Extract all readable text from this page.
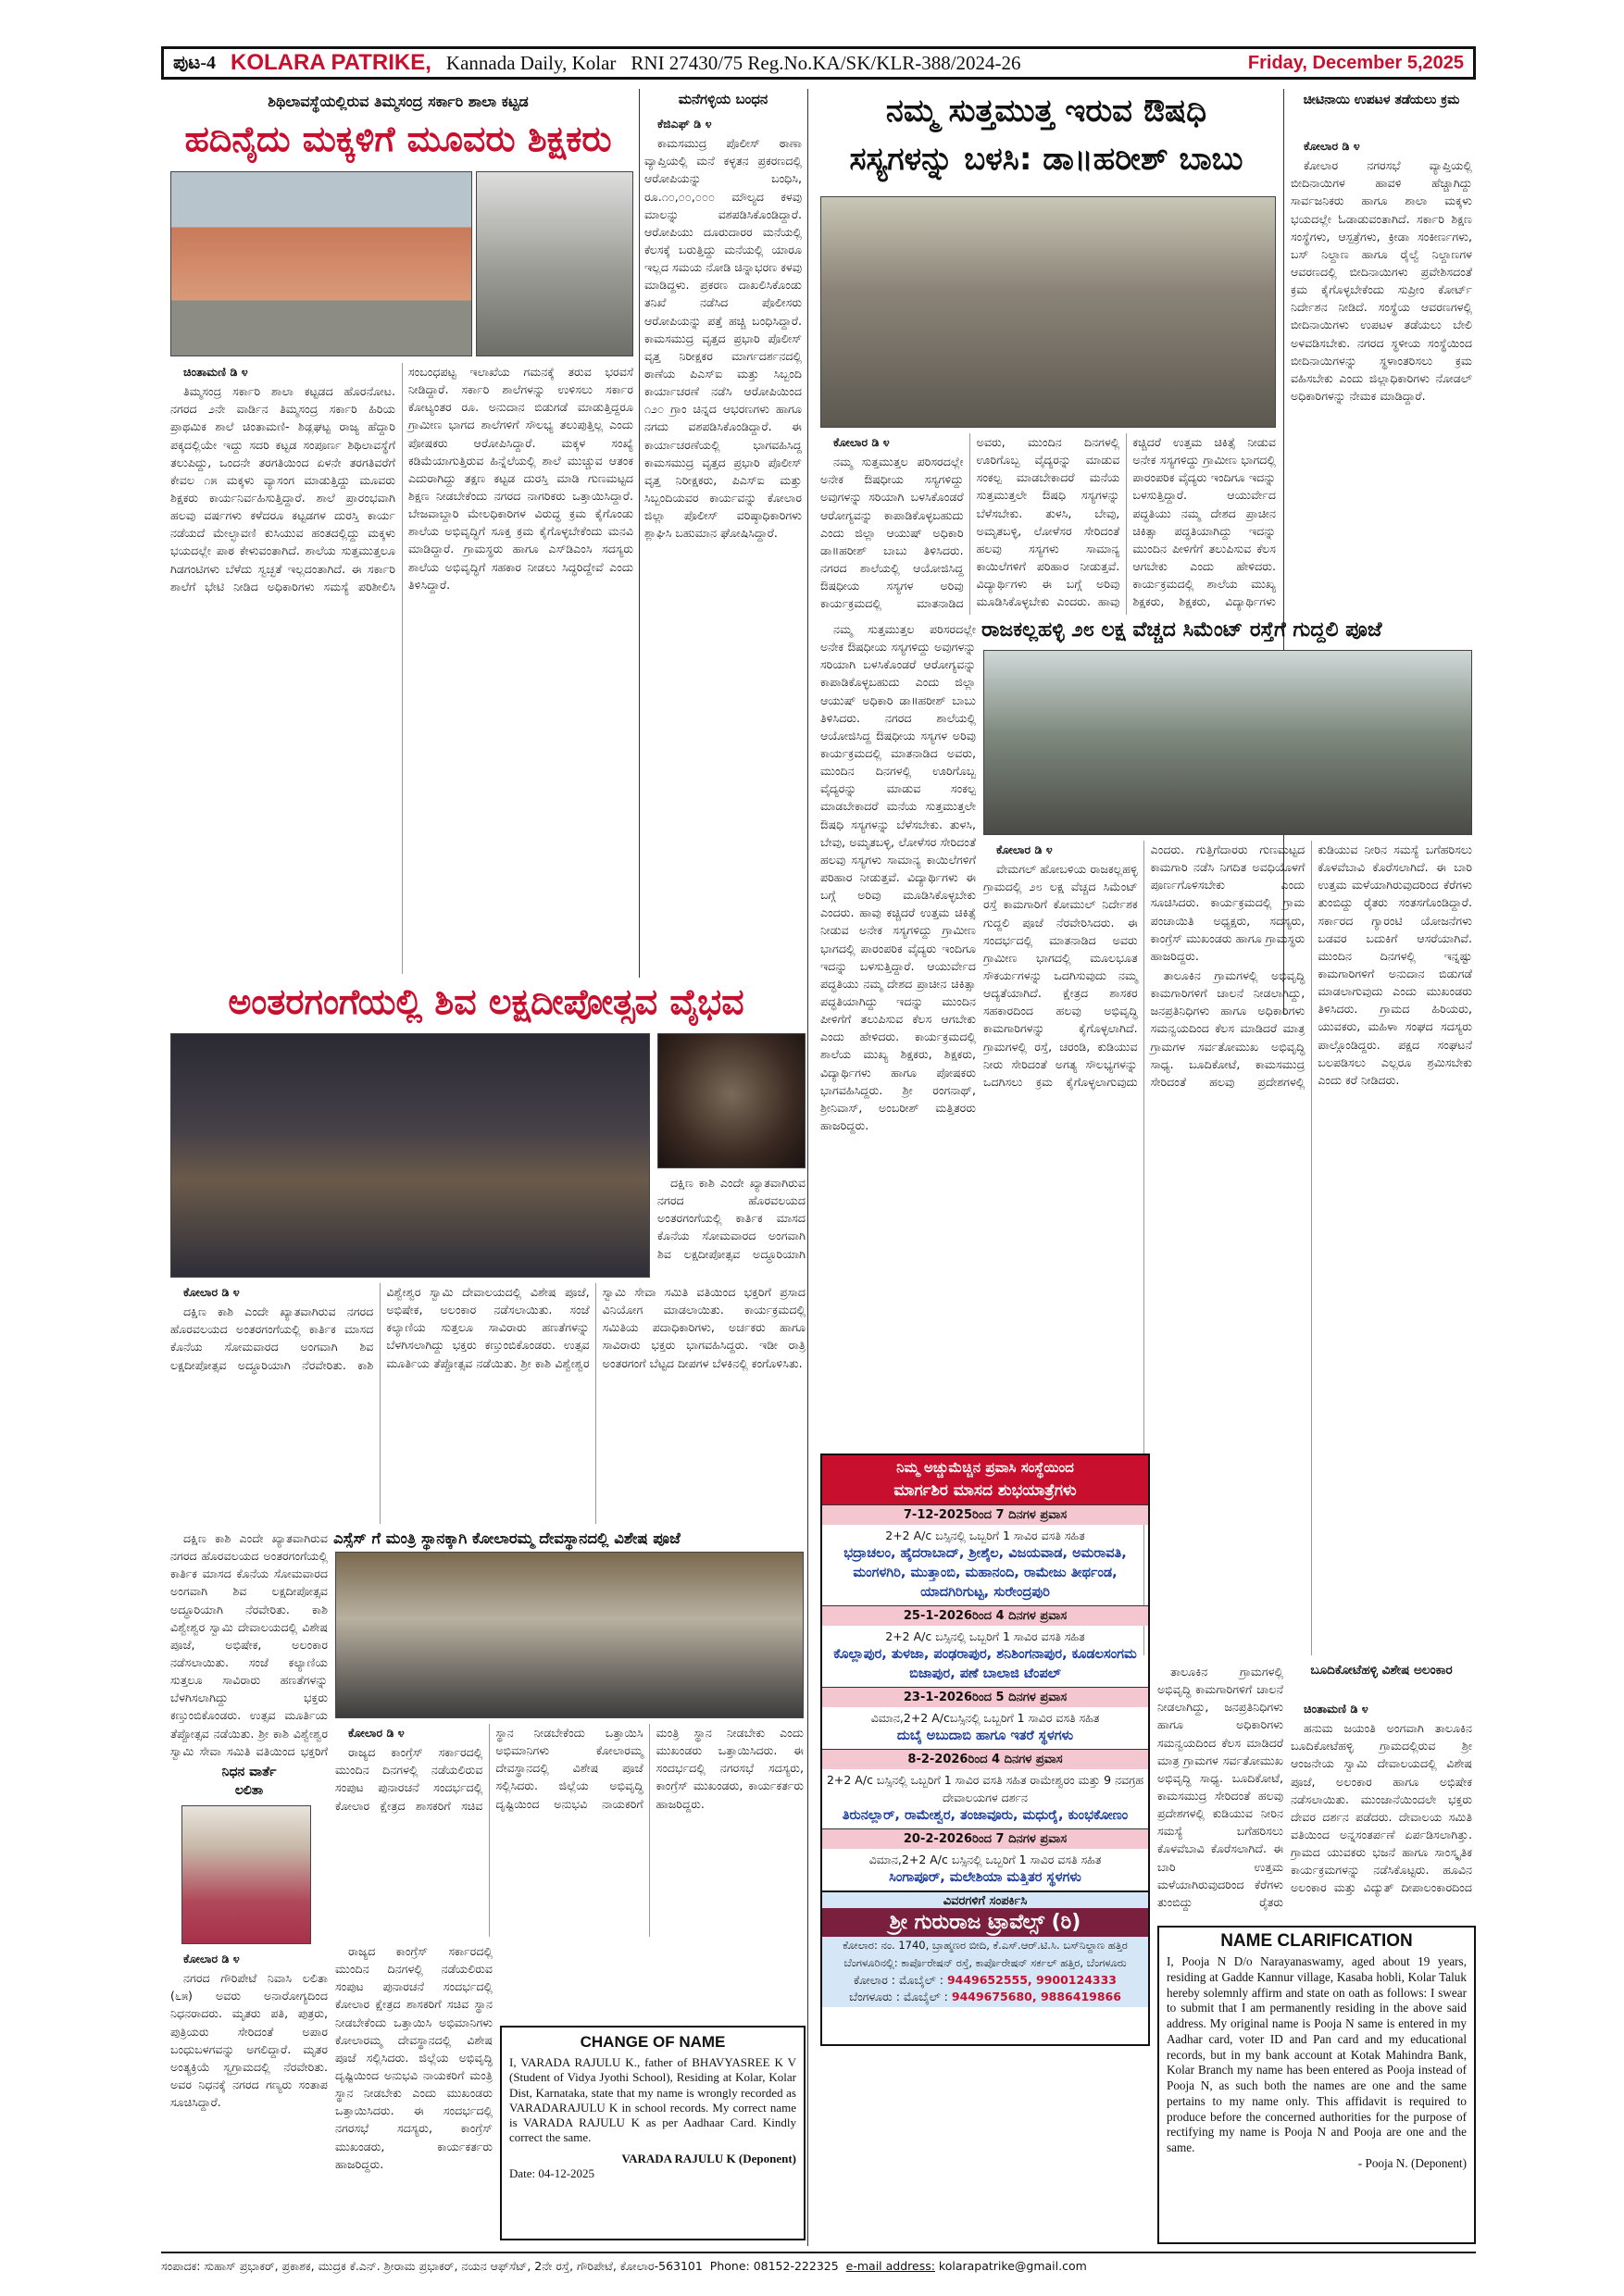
ಪುಟ-4 KOLARA PATRIKE, Kannada Daily, Kolar RNI 27430/75 Reg.No.KA/SK/KLR-388/2024-26	Friday, December 5,2025
ಶಿಥಿಲಾವಸ್ಥೆಯಲ್ಲಿರುವ ತಿಮ್ಮಸಂದ್ರ ಸರ್ಕಾರಿ ಶಾಲಾ ಕಟ್ಟಡ
ಹದಿನೈದು ಮಕ್ಕಳಿಗೆ ಮೂವರು ಶಿಕ್ಷಕರು

ಚಿಂತಾಮಣಿ ಡಿ ೪

ತಿಮ್ಮಸಂದ್ರ ಸರ್ಕಾರಿ ಶಾಲಾ ಕಟ್ಟಡದ ಹೊರನೋಟ. ನಗರದ ೨ನೇ ವಾರ್ಡಿನ ತಿಮ್ಮಸಂದ್ರ ಸರ್ಕಾರಿ ಹಿರಿಯ ಪ್ರಾಥಮಿಕ ಶಾಲೆ ಚಿಂತಾಮಣಿ- ಶಿಡ್ಲಘಟ್ಟ ರಾಜ್ಯ ಹೆದ್ದಾರಿ ಪಕ್ಕದಲ್ಲಿಯೇ ಇದ್ದು ಸದರಿ ಕಟ್ಟಡ ಸಂಪೂರ್ಣ ಶಿಥಿಲಾವಸ್ಥೆಗೆ ತಲುಪಿದ್ದು, ಒಂದನೇ ತರಗತಿಯಿಂದ ಏಳನೇ ತರಗತಿವರೆಗೆ ಕೇವಲ ೧೫ ಮಕ್ಕಳು ವ್ಯಾಸಂಗ ಮಾಡುತ್ತಿದ್ದು ಮೂವರು ಶಿಕ್ಷಕರು ಕಾರ್ಯನಿರ್ವಹಿಸುತ್ತಿದ್ದಾರೆ. ಶಾಲೆ ಪ್ರಾರಂಭವಾಗಿ ಹಲವು ವರ್ಷಗಳು ಕಳೆದರೂ ಕಟ್ಟಡಗಳ ದುರಸ್ತಿ ಕಾರ್ಯ ನಡೆಯದೆ ಮೇಲ್ಛಾವಣಿ ಕುಸಿಯುವ ಹಂತದಲ್ಲಿದ್ದು ಮಕ್ಕಳು ಭಯದಲ್ಲೇ ಪಾಠ ಕೇಳುವಂತಾಗಿದೆ. ಶಾಲೆಯ ಸುತ್ತಮುತ್ತಲೂ ಗಿಡಗಂಟಿಗಳು ಬೆಳೆದು ಸ್ವಚ್ಛತೆ ಇಲ್ಲದಂತಾಗಿದೆ. ಈ ಸರ್ಕಾರಿ ಶಾಲೆಗೆ ಭೇಟಿ ನೀಡಿದ ಅಧಿಕಾರಿಗಳು ಸಮಸ್ಯೆ ಪರಿಶೀಲಿಸಿ ಸಂಬಂಧಪಟ್ಟ ಇಲಾಖೆಯ ಗಮನಕ್ಕೆ ತರುವ ಭರವಸೆ ನೀಡಿದ್ದಾರೆ. ಸರ್ಕಾರಿ ಶಾಲೆಗಳನ್ನು ಉಳಿಸಲು ಸರ್ಕಾರ ಕೋಟ್ಯಂತರ ರೂ. ಅನುದಾನ ಬಿಡುಗಡೆ ಮಾಡುತ್ತಿದ್ದರೂ ಗ್ರಾಮೀಣ ಭಾಗದ ಶಾಲೆಗಳಿಗೆ ಸೌಲಭ್ಯ ತಲುಪುತ್ತಿಲ್ಲ ಎಂದು ಪೋಷಕರು ಆರೋಪಿಸಿದ್ದಾರೆ. ಮಕ್ಕಳ ಸಂಖ್ಯೆ ಕಡಿಮೆಯಾಗುತ್ತಿರುವ ಹಿನ್ನೆಲೆಯಲ್ಲಿ ಶಾಲೆ ಮುಚ್ಚುವ ಆತಂಕ ಎದುರಾಗಿದ್ದು ತಕ್ಷಣ ಕಟ್ಟಡ ದುರಸ್ತಿ ಮಾಡಿ ಗುಣಮಟ್ಟದ ಶಿಕ್ಷಣ ನೀಡಬೇಕೆಂದು ನಗರದ ನಾಗರಿಕರು ಒತ್ತಾಯಿಸಿದ್ದಾರೆ. ಬೇಜವಾಬ್ದಾರಿ ಮೇಲಧಿಕಾರಿಗಳ ವಿರುದ್ಧ ಕ್ರಮ ಕೈಗೊಂಡು ಶಾಲೆಯ ಅಭಿವೃದ್ಧಿಗೆ ಸೂಕ್ತ ಕ್ರಮ ಕೈಗೊಳ್ಳಬೇಕೆಂದು ಮನವಿ ಮಾಡಿದ್ದಾರೆ. ಗ್ರಾಮಸ್ಥರು ಹಾಗೂ ಎಸ್‌ಡಿಎಂಸಿ ಸದಸ್ಯರು ಶಾಲೆಯ ಅಭಿವೃದ್ಧಿಗೆ ಸಹಕಾರ ನೀಡಲು ಸಿದ್ಧರಿದ್ದೇವೆ ಎಂದು ತಿಳಿಸಿದ್ದಾರೆ.

ಮನೆಗಳ್ಳಿಯ ಬಂಧನ

ಕೆಜಿಎಫ್ ಡಿ ೪

ಕಾಮಸಮುದ್ರ ಪೊಲೀಸ್ ಠಾಣಾ ವ್ಯಾಪ್ತಿಯಲ್ಲಿ ಮನೆ ಕಳ್ಳತನ ಪ್ರಕರಣದಲ್ಲಿ ಆರೋಪಿಯನ್ನು ಬಂಧಿಸಿ, ರೂ.೧೦,೦೦,೦೦೦ ಮೌಲ್ಯದ ಕಳವು ಮಾಲನ್ನು ವಶಪಡಿಸಿಕೊಂಡಿದ್ದಾರೆ. ಆರೋಪಿಯು ದೂರುದಾರರ ಮನೆಯಲ್ಲಿ ಕೆಲಸಕ್ಕೆ ಬರುತ್ತಿದ್ದು ಮನೆಯಲ್ಲಿ ಯಾರೂ ಇಲ್ಲದ ಸಮಯ ನೋಡಿ ಚಿನ್ನಾಭರಣ ಕಳವು ಮಾಡಿದ್ದಳು. ಪ್ರಕರಣ ದಾಖಲಿಸಿಕೊಂಡು ತನಿಖೆ ನಡೆಸಿದ ಪೊಲೀಸರು ಆರೋಪಿಯನ್ನು ಪತ್ತೆ ಹಚ್ಚಿ ಬಂಧಿಸಿದ್ದಾರೆ. ಕಾಮಸಮುದ್ರ ವೃತ್ತದ ಪ್ರಭಾರಿ ಪೊಲೀಸ್ ವೃತ್ತ ನಿರೀಕ್ಷಕರ ಮಾರ್ಗದರ್ಶನದಲ್ಲಿ ಠಾಣೆಯ ಪಿಎಸ್‌ಐ ಮತ್ತು ಸಿಬ್ಬಂದಿ ಕಾರ್ಯಾಚರಣೆ ನಡೆಸಿ ಆರೋಪಿಯಿಂದ ೧೨೦ ಗ್ರಾಂ ಚಿನ್ನದ ಆಭರಣಗಳು ಹಾಗೂ ನಗದು ವಶಪಡಿಸಿಕೊಂಡಿದ್ದಾರೆ. ಈ ಕಾರ್ಯಾಚರಣೆಯಲ್ಲಿ ಭಾಗವಹಿಸಿದ್ದ ಕಾಮಸಮುದ್ರ ವೃತ್ತದ ಪ್ರಭಾರಿ ಪೊಲೀಸ್ ವೃತ್ತ ನಿರೀಕ್ಷಕರು, ಪಿಎಸ್‌ಐ ಮತ್ತು ಸಿಬ್ಬಂದಿಯವರ ಕಾರ್ಯವನ್ನು ಕೋಲಾರ ಜಿಲ್ಲಾ ಪೊಲೀಸ್ ವರಿಷ್ಠಾಧಿಕಾರಿಗಳು ಶ್ಲಾಘಿಸಿ ಬಹುಮಾನ ಘೋಷಿಸಿದ್ದಾರೆ.

ನಮ್ಮ ಸುತ್ತಮುತ್ತ ಇರುವ ಔಷಧಿ
ಸಸ್ಯಗಳನ್ನು ಬಳಸಿ: ಡಾ॥ಹರೀಶ್ ಬಾಬು

ಕೋಲಾರ ಡಿ ೪

ನಮ್ಮ ಸುತ್ತಮುತ್ತಲ ಪರಿಸರದಲ್ಲೇ ಅನೇಕ ಔಷಧೀಯ ಸಸ್ಯಗಳಿದ್ದು ಅವುಗಳನ್ನು ಸರಿಯಾಗಿ ಬಳಸಿಕೊಂಡರೆ ಆರೋಗ್ಯವನ್ನು ಕಾಪಾಡಿಕೊಳ್ಳಬಹುದು ಎಂದು ಜಿಲ್ಲಾ ಆಯುಷ್ ಅಧಿಕಾರಿ ಡಾ॥ಹರೀಶ್ ಬಾಬು ತಿಳಿಸಿದರು. ನಗರದ ಶಾಲೆಯಲ್ಲಿ ಆಯೋಜಿಸಿದ್ದ ಔಷಧೀಯ ಸಸ್ಯಗಳ ಅರಿವು ಕಾರ್ಯಕ್ರಮದಲ್ಲಿ ಮಾತನಾಡಿದ ಅವರು, ಮುಂದಿನ ದಿನಗಳಲ್ಲಿ ಊರಿಗೊಬ್ಬ ವೈದ್ಯರನ್ನು ಮಾಡುವ ಸಂಕಲ್ಪ ಮಾಡಬೇಕಾದರೆ ಮನೆಯ ಸುತ್ತಮುತ್ತಲೇ ಔಷಧಿ ಸಸ್ಯಗಳನ್ನು ಬೆಳೆಸಬೇಕು. ತುಳಸಿ, ಬೇವು, ಅಮೃತಬಳ್ಳಿ, ಲೋಳೆಸರ ಸೇರಿದಂತೆ ಹಲವು ಸಸ್ಯಗಳು ಸಾಮಾನ್ಯ ಕಾಯಿಲೆಗಳಿಗೆ ಪರಿಹಾರ ನೀಡುತ್ತವೆ. ವಿದ್ಯಾರ್ಥಿಗಳು ಈ ಬಗ್ಗೆ ಅರಿವು ಮೂಡಿಸಿಕೊಳ್ಳಬೇಕು ಎಂದರು. ಹಾವು ಕಚ್ಚಿದರೆ ಉತ್ತಮ ಚಿಕಿತ್ಸೆ ನೀಡುವ ಅನೇಕ ಸಸ್ಯಗಳಿದ್ದು ಗ್ರಾಮೀಣ ಭಾಗದಲ್ಲಿ ಪಾರಂಪರಿಕ ವೈದ್ಯರು ಇಂದಿಗೂ ಇದನ್ನು ಬಳಸುತ್ತಿದ್ದಾರೆ. ಆಯುರ್ವೇದ ಪದ್ಧತಿಯು ನಮ್ಮ ದೇಶದ ಪ್ರಾಚೀನ ಚಿಕಿತ್ಸಾ ಪದ್ಧತಿಯಾಗಿದ್ದು ಇದನ್ನು ಮುಂದಿನ ಪೀಳಿಗೆಗೆ ತಲುಪಿಸುವ ಕೆಲಸ ಆಗಬೇಕು ಎಂದು ಹೇಳಿದರು. ಕಾರ್ಯಕ್ರಮದಲ್ಲಿ ಶಾಲೆಯ ಮುಖ್ಯ ಶಿಕ್ಷಕರು, ಶಿಕ್ಷಕರು, ವಿದ್ಯಾರ್ಥಿಗಳು

ಚೀಟಿನಾಯಿ ಉಪಟಳ ತಡೆಯಲು ಕ್ರಮ

ಕೋಲಾರ ಡಿ ೪

ಕೋಲಾರ ನಗರಸಭೆ ವ್ಯಾಪ್ತಿಯಲ್ಲಿ ಬೀದಿನಾಯಿಗಳ ಹಾವಳಿ ಹೆಚ್ಚಾಗಿದ್ದು ಸಾರ್ವಜನಿಕರು ಹಾಗೂ ಶಾಲಾ ಮಕ್ಕಳು ಭಯದಲ್ಲೇ ಓಡಾಡುವಂತಾಗಿದೆ. ಸರ್ಕಾರಿ ಶಿಕ್ಷಣ ಸಂಸ್ಥೆಗಳು, ಆಸ್ಪತ್ರೆಗಳು, ಕ್ರೀಡಾ ಸಂಕೀರ್ಣಗಳು, ಬಸ್ ನಿಲ್ದಾಣ ಹಾಗೂ ರೈಲ್ವೆ ನಿಲ್ದಾಣಗಳ ಆವರಣದಲ್ಲಿ ಬೀದಿನಾಯಿಗಳು ಪ್ರವೇಶಿಸದಂತೆ ಕ್ರಮ ಕೈಗೊಳ್ಳಬೇಕೆಂದು ಸುಪ್ರೀಂ ಕೋರ್ಟ್ ನಿರ್ದೇಶನ ನೀಡಿದೆ. ಸಂಸ್ಥೆಯ ಆವರಣಗಳಲ್ಲಿ ಬೀದಿನಾಯಿಗಳು ಉಪಟಳ ತಡೆಯಲು ಬೇಲಿ ಅಳವಡಿಸಬೇಕು. ನಗರದ ಸ್ಥಳೀಯ ಸಂಸ್ಥೆಯಿಂದ ಬೀದಿನಾಯಿಗಳನ್ನು ಸ್ಥಳಾಂತರಿಸಲು ಕ್ರಮ ವಹಿಸಬೇಕು ಎಂದು ಜಿಲ್ಲಾಧಿಕಾರಿಗಳು ನೋಡಲ್ ಅಧಿಕಾರಿಗಳನ್ನು ನೇಮಕ ಮಾಡಿದ್ದಾರೆ.

ರಾಜಕಲ್ಲಹಳ್ಳಿ ೨೮ ಲಕ್ಷ ವೆಚ್ಚದ ಸಿಮೆಂಟ್ ರಸ್ತೆಗೆ ಗುದ್ದಲಿ ಪೂಜೆ

ಕೋಲಾರ ಡಿ ೪

ವೇಮಗಲ್ ಹೋಬಳಿಯ ರಾಜಕಲ್ಲಹಳ್ಳಿ ಗ್ರಾಮದಲ್ಲಿ ೨೮ ಲಕ್ಷ ವೆಚ್ಚದ ಸಿಮೆಂಟ್ ರಸ್ತೆ ಕಾಮಗಾರಿಗೆ ಕೋಮುಲ್ ನಿರ್ದೇಶಕ ಗುದ್ದಲಿ ಪೂಜೆ ನೆರವೇರಿಸಿದರು. ಈ ಸಂದರ್ಭದಲ್ಲಿ ಮಾತನಾಡಿದ ಅವರು ಗ್ರಾಮೀಣ ಭಾಗದಲ್ಲಿ ಮೂಲಭೂತ ಸೌಕರ್ಯಗಳನ್ನು ಒದಗಿಸುವುದು ನಮ್ಮ ಆದ್ಯತೆಯಾಗಿದೆ. ಕ್ಷೇತ್ರದ ಶಾಸಕರ ಸಹಕಾರದಿಂದ ಹಲವು ಅಭಿವೃದ್ಧಿ ಕಾಮಗಾರಿಗಳನ್ನು ಕೈಗೊಳ್ಳಲಾಗಿದೆ. ಗ್ರಾಮಗಳಲ್ಲಿ ರಸ್ತೆ, ಚರಂಡಿ, ಕುಡಿಯುವ ನೀರು ಸೇರಿದಂತೆ ಅಗತ್ಯ ಸೌಲಭ್ಯಗಳನ್ನು ಒದಗಿಸಲು ಕ್ರಮ ಕೈಗೊಳ್ಳಲಾಗುವುದು ಎಂದರು. ಗುತ್ತಿಗೆದಾರರು ಗುಣಮಟ್ಟದ ಕಾಮಗಾರಿ ನಡೆಸಿ ನಿಗದಿತ ಅವಧಿಯೊಳಗೆ ಪೂರ್ಣಗೊಳಿಸಬೇಕು ಎಂದು ಸೂಚಿಸಿದರು. ಕಾರ್ಯಕ್ರಮದಲ್ಲಿ ಗ್ರಾಮ ಪಂಚಾಯಿತಿ ಅಧ್ಯಕ್ಷರು, ಸದಸ್ಯರು, ಕಾಂಗ್ರೆಸ್ ಮುಖಂಡರು ಹಾಗೂ ಗ್ರಾಮಸ್ಥರು ಹಾಜರಿದ್ದರು.

ತಾಲೂಕಿನ ಗ್ರಾಮಗಳಲ್ಲಿ ಅಭಿವೃದ್ಧಿ ಕಾಮಗಾರಿಗಳಿಗೆ ಚಾಲನೆ ನೀಡಲಾಗಿದ್ದು, ಜನಪ್ರತಿನಿಧಿಗಳು ಹಾಗೂ ಅಧಿಕಾರಿಗಳು ಸಮನ್ವಯದಿಂದ ಕೆಲಸ ಮಾಡಿದರೆ ಮಾತ್ರ ಗ್ರಾಮಗಳ ಸರ್ವತೋಮುಖ ಅಭಿವೃದ್ಧಿ ಸಾಧ್ಯ. ಬೂದಿಕೋಟೆ, ಕಾಮಸಮುದ್ರ ಸೇರಿದಂತೆ ಹಲವು ಪ್ರದೇಶಗಳಲ್ಲಿ ಕುಡಿಯುವ ನೀರಿನ ಸಮಸ್ಯೆ ಬಗೆಹರಿಸಲು ಕೊಳವೆಬಾವಿ ಕೊರೆಸಲಾಗಿದೆ. ಈ ಬಾರಿ ಉತ್ತಮ ಮಳೆಯಾಗಿರುವುದರಿಂದ ಕೆರೆಗಳು ತುಂಬಿದ್ದು ರೈತರು ಸಂತಸಗೊಂಡಿದ್ದಾರೆ. ಸರ್ಕಾರದ ಗ್ಯಾರಂಟಿ ಯೋಜನೆಗಳು ಬಡವರ ಬದುಕಿಗೆ ಆಸರೆಯಾಗಿವೆ. ಮುಂದಿನ ದಿನಗಳಲ್ಲಿ ಇನ್ನಷ್ಟು ಕಾಮಗಾರಿಗಳಿಗೆ ಅನುದಾನ ಬಿಡುಗಡೆ ಮಾಡಲಾಗುವುದು ಎಂದು ಮುಖಂಡರು ತಿಳಿಸಿದರು. ಗ್ರಾಮದ ಹಿರಿಯರು, ಯುವಕರು, ಮಹಿಳಾ ಸಂಘದ ಸದಸ್ಯರು ಪಾಲ್ಗೊಂಡಿದ್ದರು. ಪಕ್ಷದ ಸಂಘಟನೆ ಬಲಪಡಿಸಲು ಎಲ್ಲರೂ ಶ್ರಮಿಸಬೇಕು ಎಂದು ಕರೆ ನೀಡಿದರು.

ನಮ್ಮ ಸುತ್ತಮುತ್ತಲ ಪರಿಸರದಲ್ಲೇ ಅನೇಕ ಔಷಧೀಯ ಸಸ್ಯಗಳಿದ್ದು ಅವುಗಳನ್ನು ಸರಿಯಾಗಿ ಬಳಸಿಕೊಂಡರೆ ಆರೋಗ್ಯವನ್ನು ಕಾಪಾಡಿಕೊಳ್ಳಬಹುದು ಎಂದು ಜಿಲ್ಲಾ ಆಯುಷ್ ಅಧಿಕಾರಿ ಡಾ॥ಹರೀಶ್ ಬಾಬು ತಿಳಿಸಿದರು. ನಗರದ ಶಾಲೆಯಲ್ಲಿ ಆಯೋಜಿಸಿದ್ದ ಔಷಧೀಯ ಸಸ್ಯಗಳ ಅರಿವು ಕಾರ್ಯಕ್ರಮದಲ್ಲಿ ಮಾತನಾಡಿದ ಅವರು, ಮುಂದಿನ ದಿನಗಳಲ್ಲಿ ಊರಿಗೊಬ್ಬ ವೈದ್ಯರನ್ನು ಮಾಡುವ ಸಂಕಲ್ಪ ಮಾಡಬೇಕಾದರೆ ಮನೆಯ ಸುತ್ತಮುತ್ತಲೇ ಔಷಧಿ ಸಸ್ಯಗಳನ್ನು ಬೆಳೆಸಬೇಕು. ತುಳಸಿ, ಬೇವು, ಅಮೃತಬಳ್ಳಿ, ಲೋಳೆಸರ ಸೇರಿದಂತೆ ಹಲವು ಸಸ್ಯಗಳು ಸಾಮಾನ್ಯ ಕಾಯಿಲೆಗಳಿಗೆ ಪರಿಹಾರ ನೀಡುತ್ತವೆ. ವಿದ್ಯಾರ್ಥಿಗಳು ಈ ಬಗ್ಗೆ ಅರಿವು ಮೂಡಿಸಿಕೊಳ್ಳಬೇಕು ಎಂದರು. ಹಾವು ಕಚ್ಚಿದರೆ ಉತ್ತಮ ಚಿಕಿತ್ಸೆ ನೀಡುವ ಅನೇಕ ಸಸ್ಯಗಳಿದ್ದು ಗ್ರಾಮೀಣ ಭಾಗದಲ್ಲಿ ಪಾರಂಪರಿಕ ವೈದ್ಯರು ಇಂದಿಗೂ ಇದನ್ನು ಬಳಸುತ್ತಿದ್ದಾರೆ. ಆಯುರ್ವೇದ ಪದ್ಧತಿಯು ನಮ್ಮ ದೇಶದ ಪ್ರಾಚೀನ ಚಿಕಿತ್ಸಾ ಪದ್ಧತಿಯಾಗಿದ್ದು ಇದನ್ನು ಮುಂದಿನ ಪೀಳಿಗೆಗೆ ತಲುಪಿಸುವ ಕೆಲಸ ಆಗಬೇಕು ಎಂದು ಹೇಳಿದರು. ಕಾರ್ಯಕ್ರಮದಲ್ಲಿ ಶಾಲೆಯ ಮುಖ್ಯ ಶಿಕ್ಷಕರು, ಶಿಕ್ಷಕರು, ವಿದ್ಯಾರ್ಥಿಗಳು ಹಾಗೂ ಪೋಷಕರು ಭಾಗವಹಿಸಿದ್ದರು. ಶ್ರೀ ರಂಗನಾಥ್, ಶ್ರೀನಿವಾಸ್, ಅಂಬರೀಶ್ ಮತ್ತಿತರರು ಹಾಜರಿದ್ದರು.

ಅಂತರಗಂಗೆಯಲ್ಲಿ ಶಿವ ಲಕ್ಷದೀಪೋತ್ಸವ ವೈಭವ

ದಕ್ಷಿಣ ಕಾಶಿ ಎಂದೇ ಖ್ಯಾತವಾಗಿರುವ ನಗರದ ಹೊರವಲಯದ ಅಂತರಗಂಗೆಯಲ್ಲಿ ಕಾರ್ತಿಕ ಮಾಸದ ಕೊನೆಯ ಸೋಮವಾರದ ಅಂಗವಾಗಿ ಶಿವ ಲಕ್ಷದೀಪೋತ್ಸವ ಅದ್ಧೂರಿಯಾಗಿ

ಕೋಲಾರ ಡಿ ೪

ದಕ್ಷಿಣ ಕಾಶಿ ಎಂದೇ ಖ್ಯಾತವಾಗಿರುವ ನಗರದ ಹೊರವಲಯದ ಅಂತರಗಂಗೆಯಲ್ಲಿ ಕಾರ್ತಿಕ ಮಾಸದ ಕೊನೆಯ ಸೋಮವಾರದ ಅಂಗವಾಗಿ ಶಿವ ಲಕ್ಷದೀಪೋತ್ಸವ ಅದ್ಧೂರಿಯಾಗಿ ನೆರವೇರಿತು. ಕಾಶಿ ವಿಶ್ವೇಶ್ವರ ಸ್ವಾಮಿ ದೇವಾಲಯದಲ್ಲಿ ವಿಶೇಷ ಪೂಜೆ, ಅಭಿಷೇಕ, ಅಲಂಕಾರ ನಡೆಸಲಾಯಿತು. ಸಂಜೆ ಕಲ್ಯಾಣಿಯ ಸುತ್ತಲೂ ಸಾವಿರಾರು ಹಣತೆಗಳನ್ನು ಬೆಳಗಿಸಲಾಗಿದ್ದು ಭಕ್ತರು ಕಣ್ತುಂಬಿಕೊಂಡರು. ಉತ್ಸವ ಮೂರ್ತಿಯ ತೆಪ್ಪೋತ್ಸವ ನಡೆಯಿತು. ಶ್ರೀ ಕಾಶಿ ವಿಶ್ವೇಶ್ವರ ಸ್ವಾಮಿ ಸೇವಾ ಸಮಿತಿ ವತಿಯಿಂದ ಭಕ್ತರಿಗೆ ಪ್ರಸಾದ ವಿನಿಯೋಗ ಮಾಡಲಾಯಿತು. ಕಾರ್ಯಕ್ರಮದಲ್ಲಿ ಸಮಿತಿಯ ಪದಾಧಿಕಾರಿಗಳು, ಅರ್ಚಕರು ಹಾಗೂ ಸಾವಿರಾರು ಭಕ್ತರು ಭಾಗವಹಿಸಿದ್ದರು. ಇಡೀ ರಾತ್ರಿ ಅಂತರಗಂಗೆ ಬೆಟ್ಟದ ದೀಪಗಳ ಬೆಳಕಿನಲ್ಲಿ ಕಂಗೊಳಿಸಿತು.

ಎಸ್ಸೆಸ್ ಗೆ ಮಂತ್ರಿ ಸ್ಥಾನಕ್ಕಾಗಿ ಕೋಲಾರಮ್ಮ ದೇವಸ್ಥಾನದಲ್ಲಿ ವಿಶೇಷ ಪೂಜೆ

ಕೋಲಾರ ಡಿ ೪

ರಾಜ್ಯದ ಕಾಂಗ್ರೆಸ್ ಸರ್ಕಾರದಲ್ಲಿ ಮುಂದಿನ ದಿನಗಳಲ್ಲಿ ನಡೆಯಲಿರುವ ಸಂಪುಟ ಪುನಾರಚನೆ ಸಂದರ್ಭದಲ್ಲಿ ಕೋಲಾರ ಕ್ಷೇತ್ರದ ಶಾಸಕರಿಗೆ ಸಚಿವ ಸ್ಥಾನ ನೀಡಬೇಕೆಂದು ಒತ್ತಾಯಿಸಿ ಅಭಿಮಾನಿಗಳು ಕೋಲಾರಮ್ಮ ದೇವಸ್ಥಾನದಲ್ಲಿ ವಿಶೇಷ ಪೂಜೆ ಸಲ್ಲಿಸಿದರು. ಜಿಲ್ಲೆಯ ಅಭಿವೃದ್ಧಿ ದೃಷ್ಟಿಯಿಂದ ಅನುಭವಿ ನಾಯಕರಿಗೆ ಮಂತ್ರಿ ಸ್ಥಾನ ನೀಡಬೇಕು ಎಂದು ಮುಖಂಡರು ಒತ್ತಾಯಿಸಿದರು. ಈ ಸಂದರ್ಭದಲ್ಲಿ ನಗರಸಭೆ ಸದಸ್ಯರು, ಕಾಂಗ್ರೆಸ್ ಮುಖಂಡರು, ಕಾರ್ಯಕರ್ತರು ಹಾಜರಿದ್ದರು.

ನಿಧನ ವಾರ್ತೆ
ಲಲಿತಾ

ಕೋಲಾರ ಡಿ ೪

ನಗರದ ಗೌರಿಪೇಟೆ ನಿವಾಸಿ ಲಲಿತಾ (೬೫) ಅವರು ಅನಾರೋಗ್ಯದಿಂದ ನಿಧನರಾದರು. ಮೃತರು ಪತಿ, ಪುತ್ರರು, ಪುತ್ರಿಯರು ಸೇರಿದಂತೆ ಅಪಾರ ಬಂಧುಬಳಗವನ್ನು ಅಗಲಿದ್ದಾರೆ. ಮೃತರ ಅಂತ್ಯಕ್ರಿಯೆ ಸ್ವಗ್ರಾಮದಲ್ಲಿ ನೆರವೇರಿತು. ಅವರ ನಿಧನಕ್ಕೆ ನಗರದ ಗಣ್ಯರು ಸಂತಾಪ ಸೂಚಿಸಿದ್ದಾರೆ.

ದಕ್ಷಿಣ ಕಾಶಿ ಎಂದೇ ಖ್ಯಾತವಾಗಿರುವ ನಗರದ ಹೊರವಲಯದ ಅಂತರಗಂಗೆಯಲ್ಲಿ ಕಾರ್ತಿಕ ಮಾಸದ ಕೊನೆಯ ಸೋಮವಾರದ ಅಂಗವಾಗಿ ಶಿವ ಲಕ್ಷದೀಪೋತ್ಸವ ಅದ್ಧೂರಿಯಾಗಿ ನೆರವೇರಿತು. ಕಾಶಿ ವಿಶ್ವೇಶ್ವರ ಸ್ವಾಮಿ ದೇವಾಲಯದಲ್ಲಿ ವಿಶೇಷ ಪೂಜೆ, ಅಭಿಷೇಕ, ಅಲಂಕಾರ ನಡೆಸಲಾಯಿತು. ಸಂಜೆ ಕಲ್ಯಾಣಿಯ ಸುತ್ತಲೂ ಸಾವಿರಾರು ಹಣತೆಗಳನ್ನು ಬೆಳಗಿಸಲಾಗಿದ್ದು ಭಕ್ತರು ಕಣ್ತುಂಬಿಕೊಂಡರು. ಉತ್ಸವ ಮೂರ್ತಿಯ ತೆಪ್ಪೋತ್ಸವ ನಡೆಯಿತು. ಶ್ರೀ ಕಾಶಿ ವಿಶ್ವೇಶ್ವರ ಸ್ವಾಮಿ ಸೇವಾ ಸಮಿತಿ ವತಿಯಿಂದ ಭಕ್ತರಿಗೆ

ರಾಜ್ಯದ ಕಾಂಗ್ರೆಸ್ ಸರ್ಕಾರದಲ್ಲಿ ಮುಂದಿನ ದಿನಗಳಲ್ಲಿ ನಡೆಯಲಿರುವ ಸಂಪುಟ ಪುನಾರಚನೆ ಸಂದರ್ಭದಲ್ಲಿ ಕೋಲಾರ ಕ್ಷೇತ್ರದ ಶಾಸಕರಿಗೆ ಸಚಿವ ಸ್ಥಾನ ನೀಡಬೇಕೆಂದು ಒತ್ತಾಯಿಸಿ ಅಭಿಮಾನಿಗಳು ಕೋಲಾರಮ್ಮ ದೇವಸ್ಥಾನದಲ್ಲಿ ವಿಶೇಷ ಪೂಜೆ ಸಲ್ಲಿಸಿದರು. ಜಿಲ್ಲೆಯ ಅಭಿವೃದ್ಧಿ ದೃಷ್ಟಿಯಿಂದ ಅನುಭವಿ ನಾಯಕರಿಗೆ ಮಂತ್ರಿ ಸ್ಥಾನ ನೀಡಬೇಕು ಎಂದು ಮುಖಂಡರು ಒತ್ತಾಯಿಸಿದರು. ಈ ಸಂದರ್ಭದಲ್ಲಿ ನಗರಸಭೆ ಸದಸ್ಯರು, ಕಾಂಗ್ರೆಸ್ ಮುಖಂಡರು, ಕಾರ್ಯಕರ್ತರು ಹಾಜರಿದ್ದರು.

CHANGE OF NAME
I, VARADA RAJULU K., father of BHAVYASREE K V (Student of Vidya Jyothi School), Residing at Kolar, Kolar Dist, Karnataka, state that my name is wrongly recorded as VARADARAJULU K in school records. My correct name is VARADA RAJULU K as per Aadhaar Card. Kindly correct the same.
VARADA RAJULU K (Deponent)
Date: 04-12-2025
ನಿಮ್ಮ ಅಚ್ಚುಮೆಚ್ಚಿನ ಪ್ರವಾಸಿ ಸಂಸ್ಥೆಯಿಂದ
ಮಾರ್ಗಶಿರ ಮಾಸದ ಶುಭಯಾತ್ರೆಗಳು
7-12-2025ರಿಂದ 7 ದಿನಗಳ ಪ್ರವಾಸ
2+2 A/c ಬಸ್ಸಿನಲ್ಲಿ ಒಬ್ಬರಿಗೆ 1 ಸಾವಿರ ವಸತಿ ಸಹಿತ
ಭದ್ರಾಚಲಂ, ಹೈದರಾಬಾದ್, ಶ್ರೀಶೈಲ, ವಿಜಯವಾಡ, ಅಮರಾವತಿ, ಮಂಗಳಗಿರಿ, ಮುತ್ತಾಂಬಿ, ಮಹಾನಂದಿ, ರಾಮೇಜು ತೀರ್ಥಂಡ, ಯಾದಗಿರಿಗುಟ್ಟ, ಸುರೇಂದ್ರಪುರಿ
25-1-2026ರಿಂದ 4 ದಿನಗಳ ಪ್ರವಾಸ
2+2 A/c ಬಸ್ಸಿನಲ್ಲಿ ಒಬ್ಬರಿಗೆ 1 ಸಾವಿರ ವಸತಿ ಸಹಿತ
ಕೊಲ್ಲಾಪುರ, ತುಳಜಾ, ಪಂಢರಾಪುರ, ಶನಿಶಿಂಗನಾಪುರ, ಕೂಡಲಸಂಗಮ ಬಿಜಾಪುರ, ಪಣೆ ಬಾಲಾಜಿ ಟೆಂಪಲ್
23-1-2026ರಿಂದ 5 ದಿನಗಳ ಪ್ರವಾಸ
ವಿಮಾನ,2+2 A/cಬಸ್ಸಿನಲ್ಲಿ ಒಬ್ಬರಿಗೆ 1 ಸಾವಿರ ವಸತಿ ಸಹಿತ
ದುಬೈ ಅಬುದಾಬಿ ಹಾಗೂ ಇತರೆ ಸ್ಥಳಗಳು
8-2-2026ರಿಂದ 4 ದಿನಗಳ ಪ್ರವಾಸ
2+2 A/c ಬಸ್ಸಿನಲ್ಲಿ ಒಬ್ಬರಿಗೆ 1 ಸಾವಿರ ವಸತಿ ಸಹಿತ ರಾಮೇಶ್ವರಂ ಮತ್ತು 9 ನವಗ್ರಹ ದೇವಾಲಯಗಳ ದರ್ಶನ
ತಿರುನಲ್ಲಾರ್, ರಾಮೇಶ್ವರ, ತಂಜಾವೂರು, ಮಧುರೈ, ಕುಂಭಕೋಣಂ
20-2-2026ರಿಂದ 7 ದಿನಗಳ ಪ್ರವಾಸ
ವಿಮಾನ,2+2 A/c ಬಸ್ಸಿನಲ್ಲಿ ಒಬ್ಬರಿಗೆ 1 ಸಾವಿರ ವಸತಿ ಸಹಿತ
ಸಿಂಗಾಪೂರ್, ಮಲೇಶಿಯಾ ಮತ್ತಿತರ ಸ್ಥಳಗಳು
ವಿವರಗಳಿಗೆ ಸಂಪರ್ಕಿಸಿ
ಶ್ರೀ ಗುರುರಾಜ ಟ್ರಾವೆಲ್ಸ್ (ರಿ)
ಕೋಲಾರ: ನಂ. 1740, ಬ್ರಾಹ್ಮಣರ ಬೀದಿ, ಕೆ.ಎಸ್.ಆರ್.ಟಿ.ಸಿ. ಬಸ್‌ನಿಲ್ದಾಣ ಹತ್ತಿರ
ಬೆಂಗಳೂರಿನಲ್ಲಿ: ಕಾರ್ಪೊರೇಷನ್ ರಸ್ತೆ, ಕಾರ್ಪೊರೇಷನ್ ಸರ್ಕಲ್ ಹತ್ತಿರ, ಬೆಂಗಳೂರು
ಕೋಲಾರ : ಮೊಬೈಲ್ : 9449652555, 9900124333
ಬೆಂಗಳೂರು : ಮೊಬೈಲ್ : 9449675680, 9886419866
ಬೂದಿಕೋಟೆಹಳ್ಳಿ ವಿಶೇಷ ಅಲಂಕಾರ

ಚಿಂತಾಮಣಿ ಡಿ ೪

ಹನುಮ ಜಯಂತಿ ಅಂಗವಾಗಿ ತಾಲೂಕಿನ ಬೂದಿಕೋಟೆಹಳ್ಳಿ ಗ್ರಾಮದಲ್ಲಿರುವ ಶ್ರೀ ಆಂಜನೇಯ ಸ್ವಾಮಿ ದೇವಾಲಯದಲ್ಲಿ ವಿಶೇಷ ಪೂಜೆ, ಅಲಂಕಾರ ಹಾಗೂ ಅಭಿಷೇಕ ನಡೆಸಲಾಯಿತು. ಮುಂಜಾನೆಯಿಂದಲೇ ಭಕ್ತರು ದೇವರ ದರ್ಶನ ಪಡೆದರು. ದೇವಾಲಯ ಸಮಿತಿ ವತಿಯಿಂದ ಅನ್ನಸಂತರ್ಪಣೆ ಏರ್ಪಡಿಸಲಾಗಿತ್ತು. ಗ್ರಾಮದ ಯುವಕರು ಭಜನೆ ಹಾಗೂ ಸಾಂಸ್ಕೃತಿಕ ಕಾರ್ಯಕ್ರಮಗಳನ್ನು ನಡೆಸಿಕೊಟ್ಟರು. ಹೂವಿನ ಅಲಂಕಾರ ಮತ್ತು ವಿದ್ಯುತ್ ದೀಪಾಲಂಕಾರದಿಂದ

ತಾಲೂಕಿನ ಗ್ರಾಮಗಳಲ್ಲಿ ಅಭಿವೃದ್ಧಿ ಕಾಮಗಾರಿಗಳಿಗೆ ಚಾಲನೆ ನೀಡಲಾಗಿದ್ದು, ಜನಪ್ರತಿನಿಧಿಗಳು ಹಾಗೂ ಅಧಿಕಾರಿಗಳು ಸಮನ್ವಯದಿಂದ ಕೆಲಸ ಮಾಡಿದರೆ ಮಾತ್ರ ಗ್ರಾಮಗಳ ಸರ್ವತೋಮುಖ ಅಭಿವೃದ್ಧಿ ಸಾಧ್ಯ. ಬೂದಿಕೋಟೆ, ಕಾಮಸಮುದ್ರ ಸೇರಿದಂತೆ ಹಲವು ಪ್ರದೇಶಗಳಲ್ಲಿ ಕುಡಿಯುವ ನೀರಿನ ಸಮಸ್ಯೆ ಬಗೆಹರಿಸಲು ಕೊಳವೆಬಾವಿ ಕೊರೆಸಲಾಗಿದೆ. ಈ ಬಾರಿ ಉತ್ತಮ ಮಳೆಯಾಗಿರುವುದರಿಂದ ಕೆರೆಗಳು ತುಂಬಿದ್ದು ರೈತರು

NAME CLARIFICATION
I, Pooja N D/o Narayanaswamy, aged about 19 years, residing at Gadde Kannur village, Kasaba hobli, Kolar Taluk hereby solemnly affirm and state on oath as follows: I swear to submit that I am permanently residing in the above said address. My original name is Pooja N same is entered in my Aadhar card, voter ID and Pan card and my educational records, but in my bank account at Kotak Mahindra Bank, Kolar Branch my name has been entered as Pooja instead of Pooja N, as such both the names are one and the same pertains to my name only. This affidavit is required to produce before the concerned authorities for the purpose of rectifying my name is Pooja N and Pooja are one and the same.
- Pooja N. (Deponent)
ಸಂಪಾದಕ: ಸುಹಾಸ್ ಪ್ರಭಾಕರ್, ಪ್ರಕಾಶಕ, ಮುದ್ರಕ ಕೆ.ಎನ್. ಶ್ರೀರಾಮ ಪ್ರಭಾಕರ್, ನಯನ ಆಫ್‌ಸೆಟ್, 2ನೇ ರಸ್ತೆ, ಗೌರಿಪೇಟೆ, ಕೋಲಾರ-563101 Phone: 08152-222325 e-mail address: kolarapatrike@gmail.com
